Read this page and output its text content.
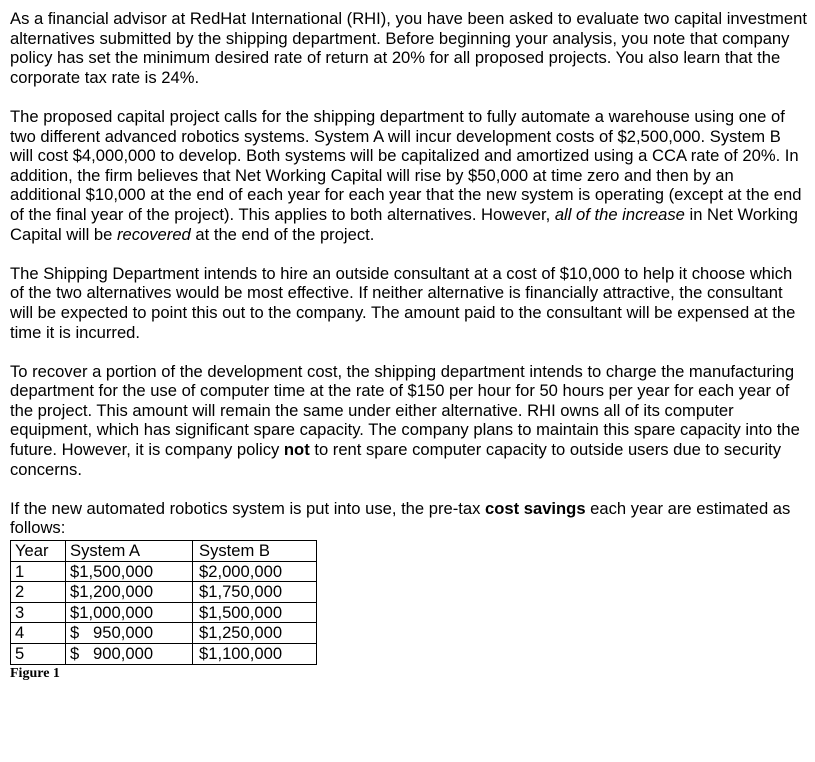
As a financial advisor at RedHat International (RHI), you have been asked to evaluate two capital investment alternatives submitted by the shipping department. Before beginning your analysis, you note that company policy has set the minimum desired rate of return at 20% for all proposed projects. You also learn that the corporate tax rate is 24%.

The proposed capital project calls for the shipping department to fully automate a warehouse using one of two different advanced robotics systems. System A will incur development costs of $2,500,000. System B will cost $4,000,000 to develop. Both systems will be capitalized and amortized using a CCA rate of 20%. In addition, the firm believes that Net Working Capital will rise by $50,000 at time zero and then by an additional $10,000 at the end of each year for each year that the new system is operating (except at the end of the final year of the project). This applies to both alternatives. However, all of the increase in Net Working Capital will be recovered at the end of the project.

The Shipping Department intends to hire an outside consultant at a cost of $10,000 to help it choose which of the two alternatives would be most effective. If neither alternative is financially attractive, the consultant will be expected to point this out to the company. The amount paid to the consultant will be expensed at the time it is incurred.

To recover a portion of the development cost, the shipping department intends to charge the manufacturing department for the use of computer time at the rate of $150 per hour for 50 hours per year for each year of the project. This amount will remain the same under either alternative. RHI owns all of its computer equipment, which has significant spare capacity. The company plans to maintain this spare capacity into the future. However, it is company policy not to rent spare computer capacity to outside users due to security concerns.

If the new automated robotics system is put into use, the pre-tax cost savings each year are estimated as follows:

Year	System A	System B
1	$1,500,000	$2,000,000
2	$1,200,000	$1,750,000
3	$1,000,000	$1,500,000
4	$   950,000	$1,250,000
5	$   900,000	$1,100,000
Figure 1
